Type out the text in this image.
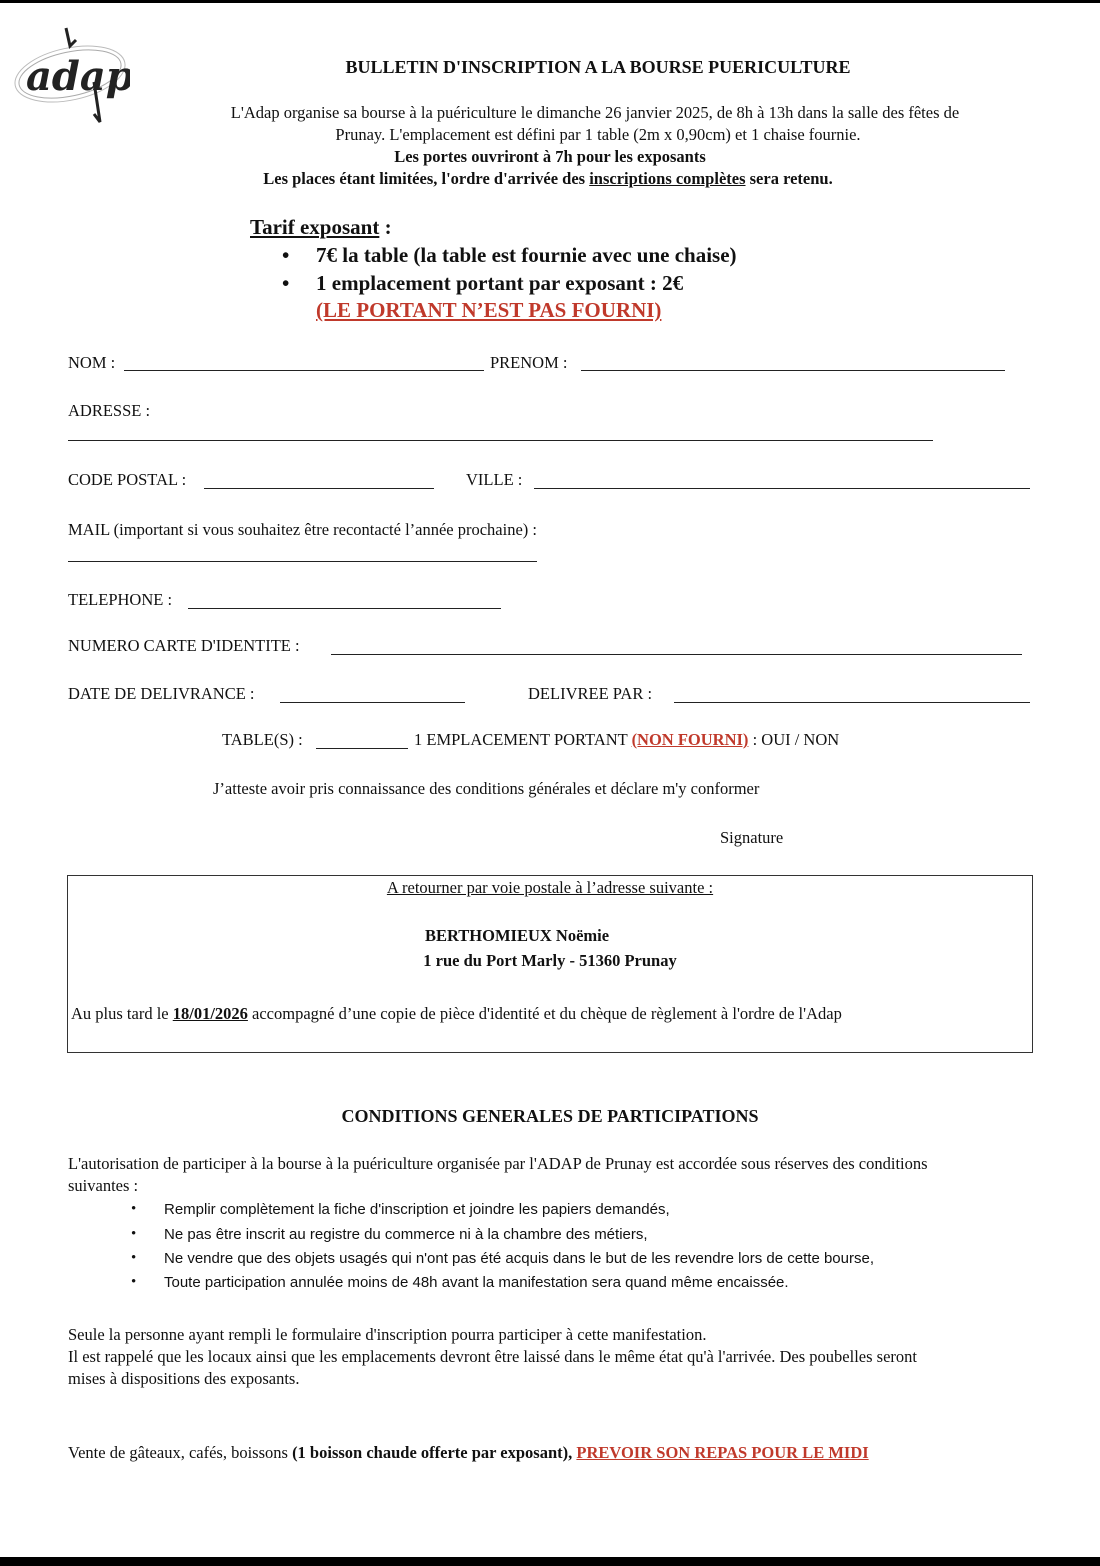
adap	BULLETIN D'INSCRIPTION A LA BOURSE PUERICULTURE
L'Adap organise sa bourse à la puériculture le dimanche 26 janvier 2025, de 8h à 13h dans la salle des fêtes de
Prunay. L'emplacement est défini par 1 table (2m x 0,90cm) et 1 chaise fournie.
Les portes ouvriront à 7h pour les exposants
Les places étant limitées, l'ordre d'arrivée des inscriptions complètes sera retenu.
Tarif exposant :
• 7€ la table (la table est fournie avec une chaise)
• 1 emplacement portant par exposant : 2€
(LE PORTANT N’EST PAS FOURNI)
NOM :	PRENOM :
ADRESSE :
CODE POSTAL :	VILLE :
MAIL (important si vous souhaitez être recontacté l’année prochaine) :
TELEPHONE :
NUMERO CARTE D'IDENTITE :
DATE DE DELIVRANCE :	DELIVREE PAR :
TABLE(S) :	1 EMPLACEMENT PORTANT (NON FOURNI) : OUI / NON
J’atteste avoir pris connaissance des conditions générales et déclare m'y conformer
Signature
A retourner par voie postale à l’adresse suivante :
BERTHOMIEUX Noëmie
1 rue du Port Marly - 51360 Prunay
Au plus tard le 18/01/2026 accompagné d’une copie de pièce d'identité et du chèque de règlement à l'ordre de l'Adap
CONDITIONS GENERALES DE PARTICIPATIONS
L'autorisation de participer à la bourse à la puériculture organisée par l'ADAP de Prunay est accordée sous réserves des conditions
suivantes :
• Remplir complètement la fiche d'inscription et joindre les papiers demandés,
• Ne pas être inscrit au registre du commerce ni à la chambre des métiers,
• Ne vendre que des objets usagés qui n'ont pas été acquis dans le but de les revendre lors de cette bourse,
• Toute participation annulée moins de 48h avant la manifestation sera quand même encaissée.
Seule la personne ayant rempli le formulaire d'inscription pourra participer à cette manifestation.
Il est rappelé que les locaux ainsi que les emplacements devront être laissé dans le même état qu'à l'arrivée. Des poubelles seront
mises à dispositions des exposants.
Vente de gâteaux, cafés, boissons (1 boisson chaude offerte par exposant), PREVOIR SON REPAS POUR LE MIDI
